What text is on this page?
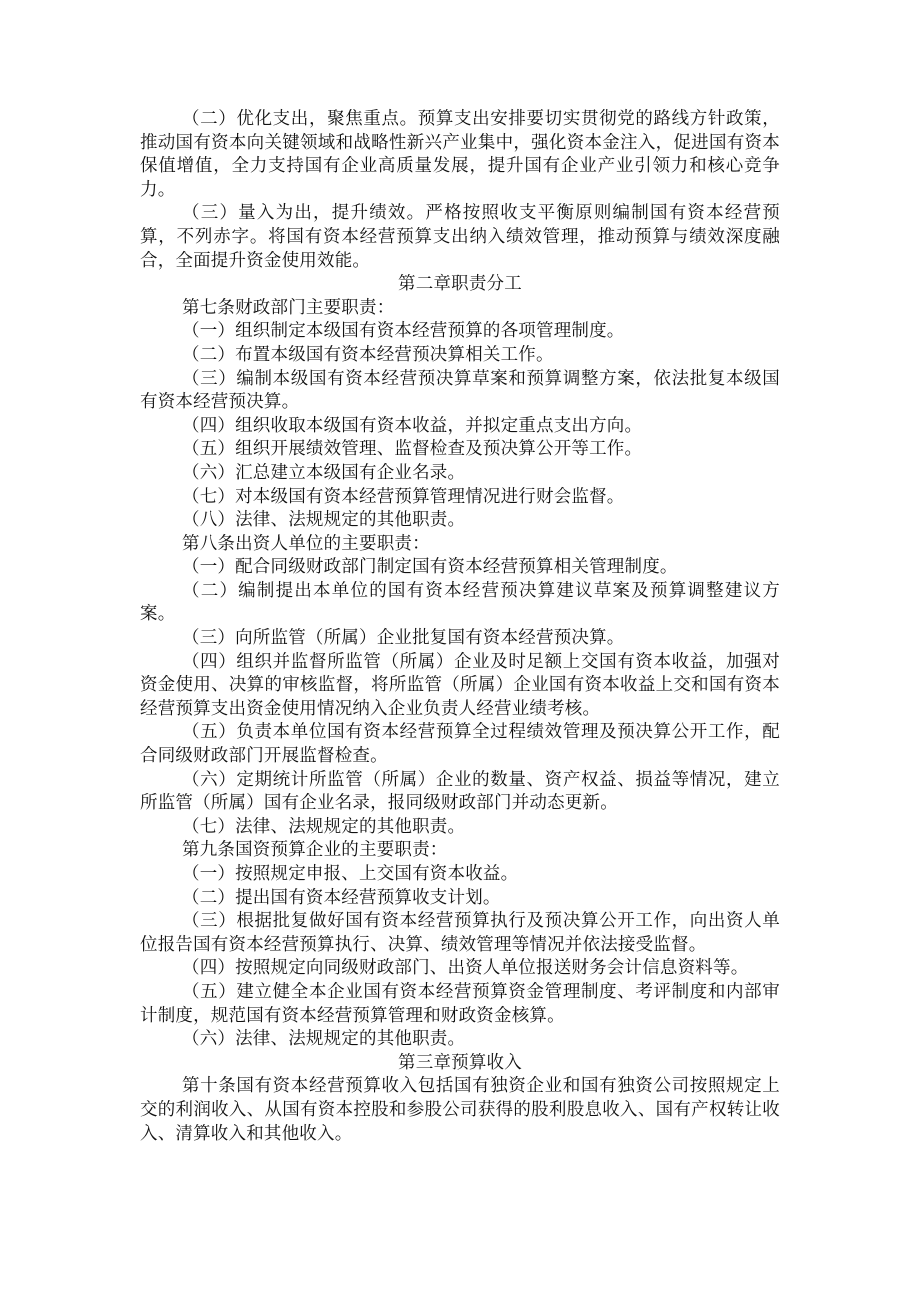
（二）优化支出，聚焦重点。预算支出安排要切实贯彻党的路线方针政策，推动国有资本向关键领域和战略性新兴产业集中，强化资本金注入，促进国有资本保值增值，全力支持国有企业高质量发展，提升国有企业产业引领力和核心竞争力。

（三）量入为出，提升绩效。严格按照收支平衡原则编制国有资本经营预算，不列赤字。将国有资本经营预算支出纳入绩效管理，推动预算与绩效深度融合，全面提升资金使用效能。

第二章职责分工

第七条财政部门主要职责：

（一）组织制定本级国有资本经营预算的各项管理制度。

（二）布置本级国有资本经营预决算相关工作。

（三）编制本级国有资本经营预决算草案和预算调整方案，依法批复本级国有资本经营预决算。

（四）组织收取本级国有资本收益，并拟定重点支出方向。

（五）组织开展绩效管理、监督检查及预决算公开等工作。

（六）汇总建立本级国有企业名录。

（七）对本级国有资本经营预算管理情况进行财会监督。

（八）法律、法规规定的其他职责。

第八条出资人单位的主要职责：

（一）配合同级财政部门制定国有资本经营预算相关管理制度。

（二）编制提出本单位的国有资本经营预决算建议草案及预算调整建议方案。

（三）向所监管（所属）企业批复国有资本经营预决算。

（四）组织并监督所监管（所属）企业及时足额上交国有资本收益，加强对资金使用、决算的审核监督，将所监管（所属）企业国有资本收益上交和国有资本经营预算支出资金使用情况纳入企业负责人经营业绩考核。

（五）负责本单位国有资本经营预算全过程绩效管理及预决算公开工作，配合同级财政部门开展监督检查。

（六）定期统计所监管（所属）企业的数量、资产权益、损益等情况，建立所监管（所属）国有企业名录，报同级财政部门并动态更新。

（七）法律、法规规定的其他职责。

第九条国资预算企业的主要职责：

（一）按照规定申报、上交国有资本收益。

（二）提出国有资本经营预算收支计划。

（三）根据批复做好国有资本经营预算执行及预决算公开工作，向出资人单位报告国有资本经营预算执行、决算、绩效管理等情况并依法接受监督。

（四）按照规定向同级财政部门、出资人单位报送财务会计信息资料等。

（五）建立健全本企业国有资本经营预算资金管理制度、考评制度和内部审计制度，规范国有资本经营预算管理和财政资金核算。

（六）法律、法规规定的其他职责。

第三章预算收入

第十条国有资本经营预算收入包括国有独资企业和国有独资公司按照规定上交的利润收入、从国有资本控股和参股公司获得的股利股息收入、国有产权转让收入、清算收入和其他收入。
